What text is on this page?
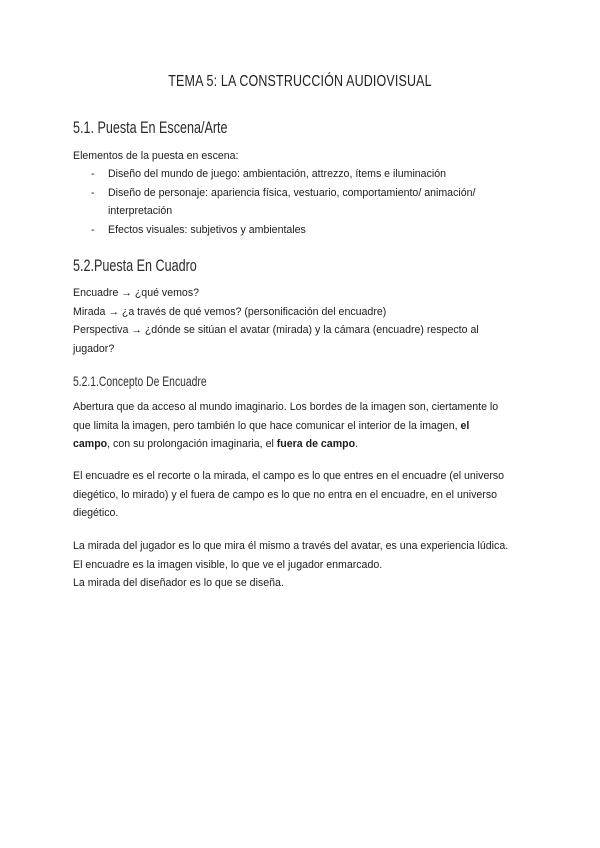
TEMA 5: LA CONSTRUCCIÓN AUDIOVISUAL
5.1. Puesta En Escena/Arte
Elementos de la puesta en escena:
- Diseño del mundo de juego: ambientación, attrezzo, ítems e iluminación
- Diseño de personaje: apariencia física, vestuario, comportamiento/ animación/
interpretación
- Efectos visuales: subjetivos y ambientales
5.2.Puesta En Cuadro
Encuadre → ¿qué vemos?
Mirada → ¿a través de qué vemos? (personificación del encuadre)
Perspectiva → ¿dónde se sitúan el avatar (mirada) y la cámara (encuadre) respecto al
jugador?
5.2.1.Concepto De Encuadre
Abertura que da acceso al mundo imaginario. Los bordes de la imagen son, ciertamente lo
que limita la imagen, pero también lo que hace comunicar el interior de la imagen, el
campo, con su prolongación imaginaria, el fuera de campo.
El encuadre es el recorte o la mirada, el campo es lo que entres en el encuadre (el universo
diegético, lo mirado) y el fuera de campo es lo que no entra en el encuadre, en el universo
diegético.
La mirada del jugador es lo que mira él mismo a través del avatar, es una experiencia lúdica.
El encuadre es la imagen visible, lo que ve el jugador enmarcado.
La mirada del diseñador es lo que se diseña.
